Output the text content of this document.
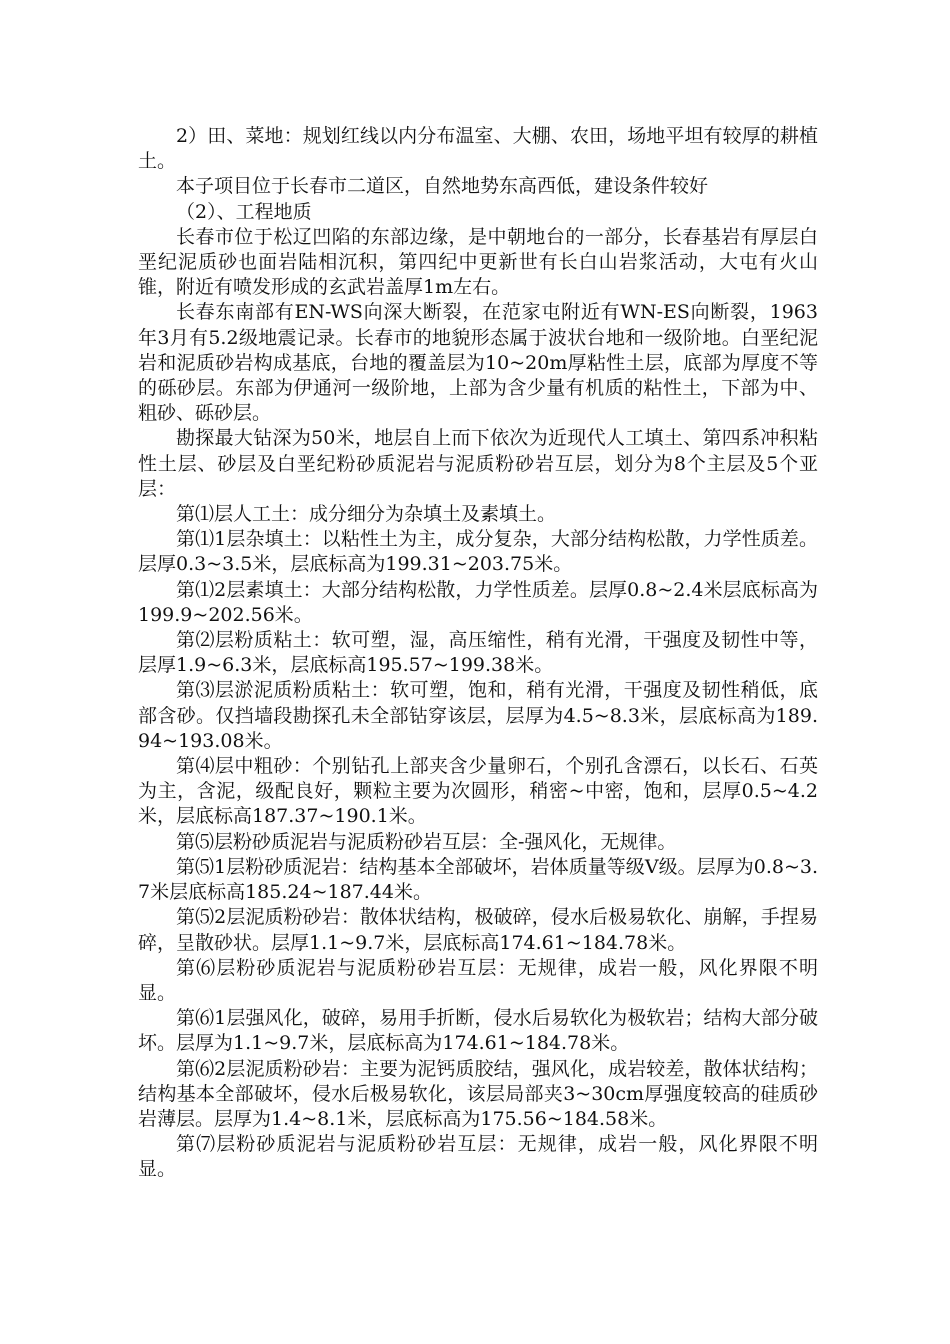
2）田、菜地：规划红线以内分布温室、大棚、农田，场地平坦有较厚的耕植土。

本子项目位于长春市二道区，自然地势东高西低，建设条件较好

（2）、工程地质

长春市位于松辽凹陷的东部边缘，是中朝地台的一部分，长春基岩有厚层白垩纪泥质砂也面岩陆相沉积，第四纪中更新世有长白山岩浆活动，大屯有火山锥，附近有喷发形成的玄武岩盖厚1m左右。

长春东南部有EN-WS向深大断裂，在范家屯附近有WN-ES向断裂，1963年3月有5.2级地震记录。长春市的地貌形态属于波状台地和一级阶地。白垩纪泥岩和泥质砂岩构成基底，台地的覆盖层为10~20m厚粘性土层，底部为厚度不等的砾砂层。东部为伊通河一级阶地，上部为含少量有机质的粘性土，下部为中、粗砂、砾砂层。

勘探最大钻深为50米，地层自上而下依次为近现代人工填土、第四系冲积粘性土层、砂层及白垩纪粉砂质泥岩与泥质粉砂岩互层，划分为8个主层及5个亚层：

第⑴层人工土：成分细分为杂填土及素填土。

第⑴1层杂填土：以粘性土为主，成分复杂，大部分结构松散，力学性质差。层厚0.3~3.5米，层底标高为199.31~203.75米。

第⑴2层素填土：大部分结构松散，力学性质差。层厚0.8~2.4米层底标高为199.9~202.56米。

第⑵层粉质粘土：软可塑，湿，高压缩性，稍有光滑，干强度及韧性中等，层厚1.9~6.3米，层底标高195.57~199.38米。

第⑶层淤泥质粉质粘土：软可塑，饱和，稍有光滑，干强度及韧性稍低，底部含砂。仅挡墙段勘探孔未全部钻穿该层，层厚为4.5~8.3米，层底标高为189.94~193.08米。

第⑷层中粗砂：个别钻孔上部夹含少量卵石，个别孔含漂石，以长石、石英为主，含泥，级配良好，颗粒主要为次圆形，稍密~中密，饱和，层厚0.5~4.2米，层底标高187.37~190.1米。

第⑸层粉砂质泥岩与泥质粉砂岩互层：全-强风化，无规律。

第⑸1层粉砂质泥岩：结构基本全部破坏，岩体质量等级Ⅴ级。层厚为0.8~3.7米层底标高185.24~187.44米。

第⑸2层泥质粉砂岩：散体状结构，极破碎，侵水后极易软化、崩解，手捏易碎，呈散砂状。层厚1.1~9.7米，层底标高174.61~184.78米。

第⑹层粉砂质泥岩与泥质粉砂岩互层：无规律，成岩一般，风化界限不明显。

第⑹1层强风化，破碎，易用手折断，侵水后易软化为极软岩；结构大部分破坏。层厚为1.1~9.7米，层底标高为174.61~184.78米。

第⑹2层泥质粉砂岩：主要为泥钙质胶结，强风化，成岩较差，散体状结构；结构基本全部破坏，侵水后极易软化，该层局部夹3~30cm厚强度较高的硅质砂岩薄层。层厚为1.4~8.1米，层底标高为175.56~184.58米。

第⑺层粉砂质泥岩与泥质粉砂岩互层：无规律，成岩一般，风化界限不明显。
